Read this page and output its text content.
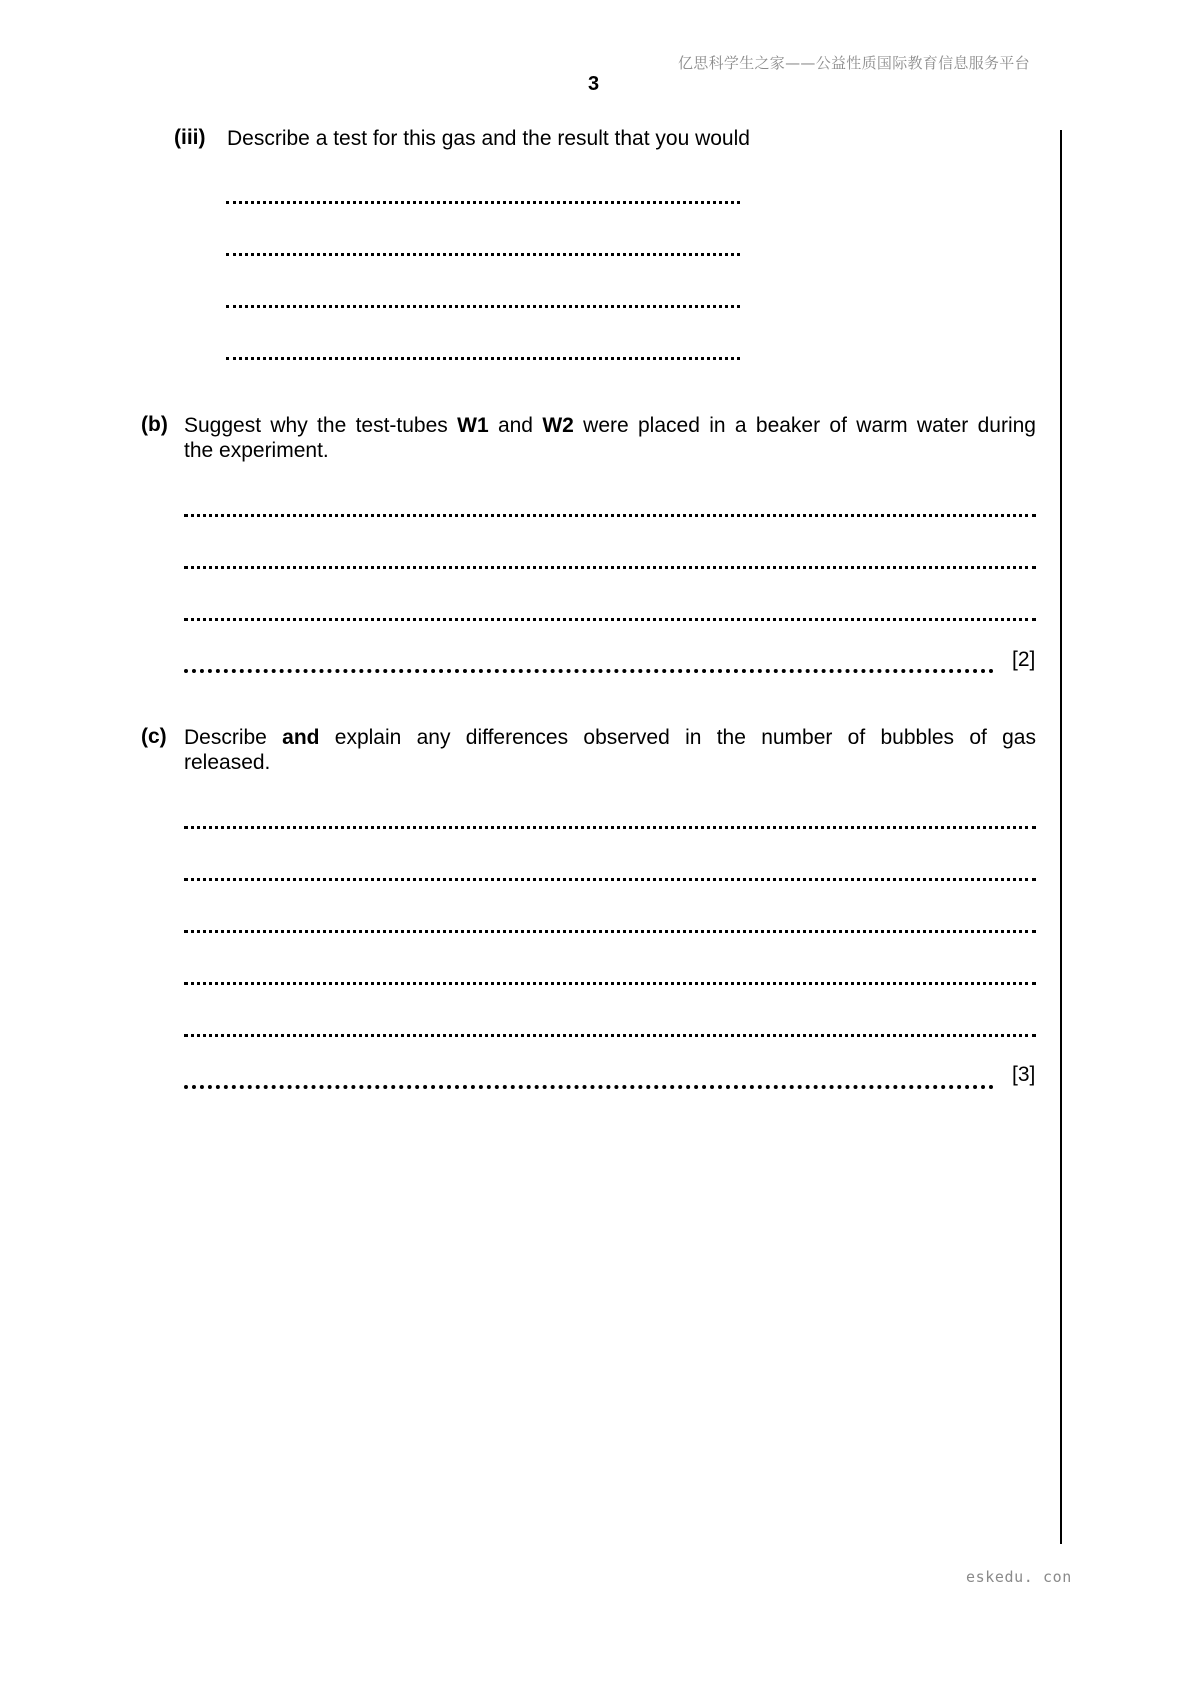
亿思科学生之家——公益性质国际教育信息服务平台
3
(iii) Describe a test for this gas and the result that you would
(b) Suggest why the test-tubes W1 and W2 were placed in a beaker of warm water during
the experiment.
[2]
(c) Describe and explain any differences observed in the number of bubbles of gas
released.
[3]
eskedu. con
